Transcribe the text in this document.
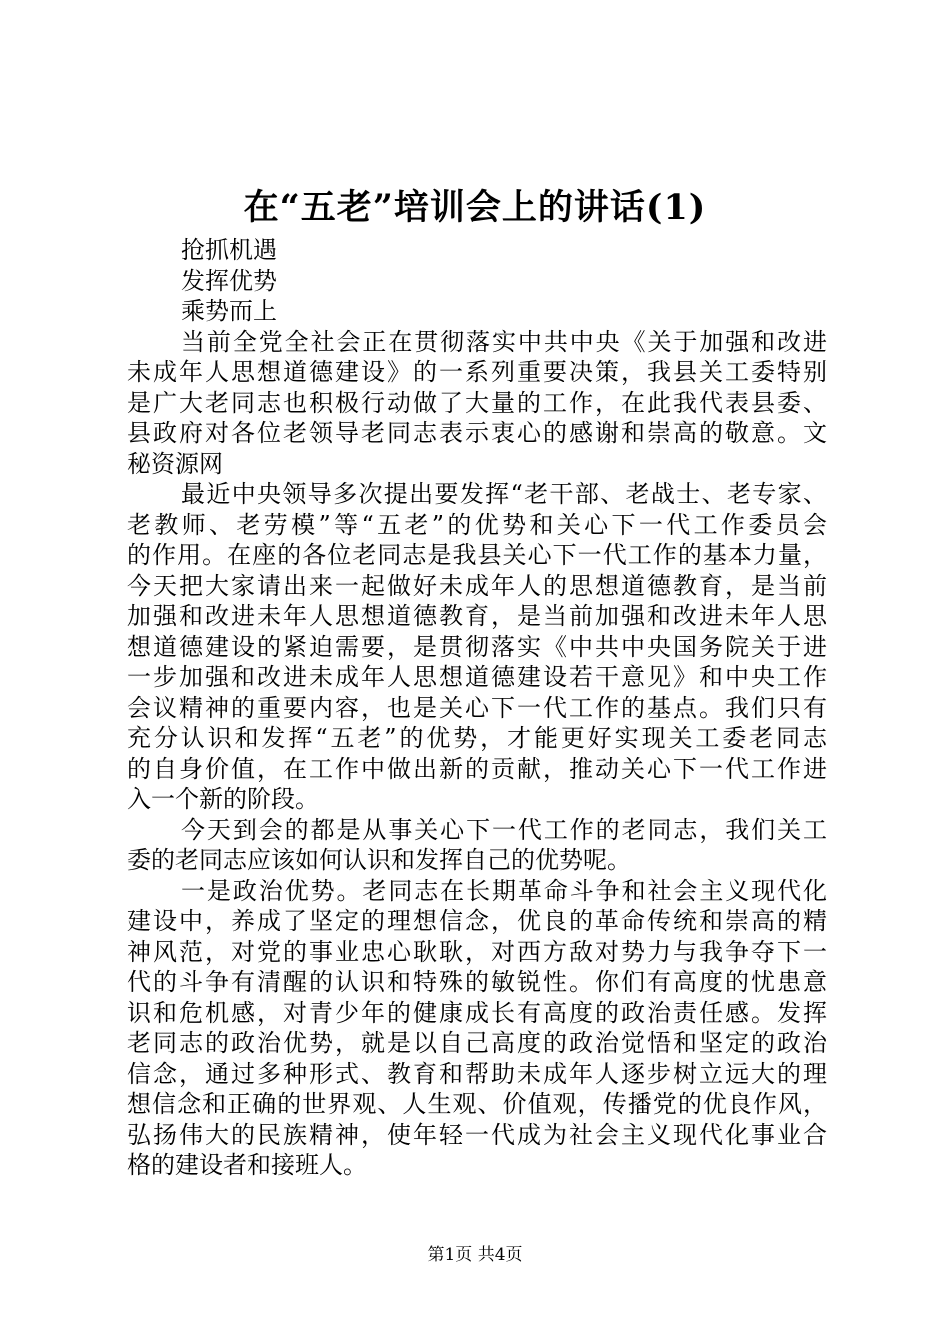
在“五老”培训会上的讲话(1)

抢抓机遇

发挥优势

乘势而上

当前全党全社会正在贯彻落实中共中央《关于加强和改进

未成年人思想道德建设》的一系列重要决策，我县关工委特别

是广大老同志也积极行动做了大量的工作，在此我代表县委、

县政府对各位老领导老同志表示衷心的感谢和崇高的敬意。文

秘资源网

最近中央领导多次提出要发挥“老干部、老战士、老专家、

老教师、老劳模”等“五老”的优势和关心下一代工作委员会

的作用。在座的各位老同志是我县关心下一代工作的基本力量，

今天把大家请出来一起做好未成年人的思想道德教育，是当前

加强和改进未年人思想道德教育，是当前加强和改进未年人思

想道德建设的紧迫需要，是贯彻落实《中共中央国务院关于进

一步加强和改进未成年人思想道德建设若干意见》和中央工作

会议精神的重要内容，也是关心下一代工作的基点。我们只有

充分认识和发挥“五老”的优势，才能更好实现关工委老同志

的自身价值，在工作中做出新的贡献，推动关心下一代工作进

入一个新的阶段。

今天到会的都是从事关心下一代工作的老同志，我们关工

委的老同志应该如何认识和发挥自己的优势呢。

一是政治优势。老同志在长期革命斗争和社会主义现代化

建设中，养成了坚定的理想信念，优良的革命传统和崇高的精

神风范，对党的事业忠心耿耿，对西方敌对势力与我争夺下一

代的斗争有清醒的认识和特殊的敏锐性。你们有高度的忧患意

识和危机感，对青少年的健康成长有高度的政治责任感。发挥

老同志的政治优势，就是以自己高度的政治觉悟和坚定的政治

信念，通过多种形式、教育和帮助未成年人逐步树立远大的理

想信念和正确的世界观、人生观、价值观，传播党的优良作风，

弘扬伟大的民族精神，使年轻一代成为社会主义现代化事业合

格的建设者和接班人。

第1页 共4页
